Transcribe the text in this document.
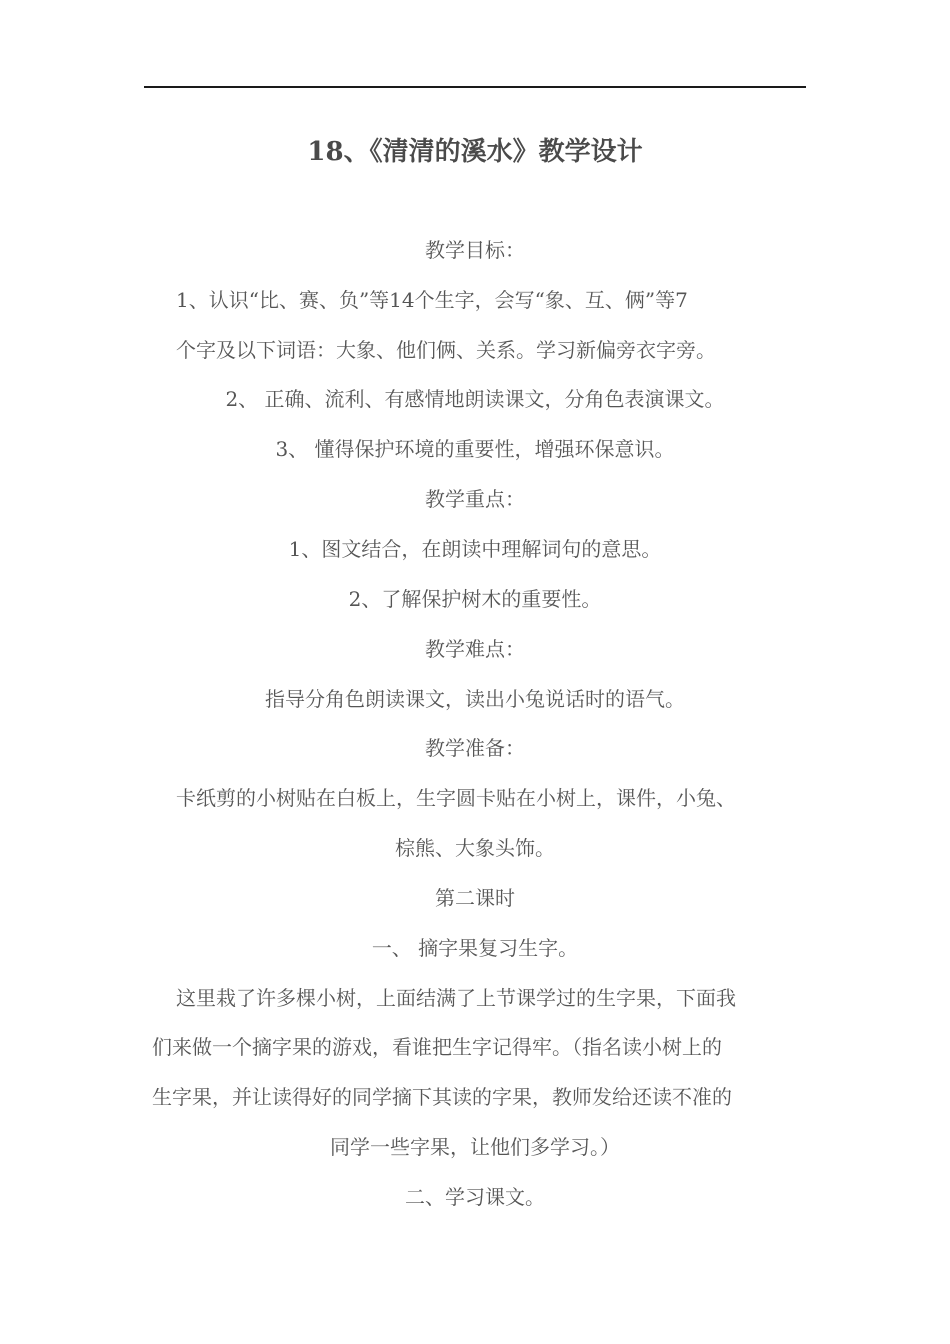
18、《清清的溪水》教学设计
教学目标：
1、认识“比、赛、负”等14个生字，会写“象、互、俩”等7
个字及以下词语：大象、他们俩、关系。学习新偏旁衣字旁。
2、 正确、流利、有感情地朗读课文，分角色表演课文。
3、 懂得保护环境的重要性，增强环保意识。
教学重点：
1、图文结合，在朗读中理解词句的意思。
2、了解保护树木的重要性。
教学难点：
指导分角色朗读课文，读出小兔说话时的语气。
教学准备：
卡纸剪的小树贴在白板上，生字圆卡贴在小树上，课件，小兔、
棕熊、大象头饰。
第二课时
一、 摘字果复习生字。
这里栽了许多棵小树，上面结满了上节课学过的生字果，下面我
们来做一个摘字果的游戏，看谁把生字记得牢。（指名读小树上的
生字果，并让读得好的同学摘下其读的字果，教师发给还读不准的
同学一些字果，让他们多学习。）
二、学习课文。
